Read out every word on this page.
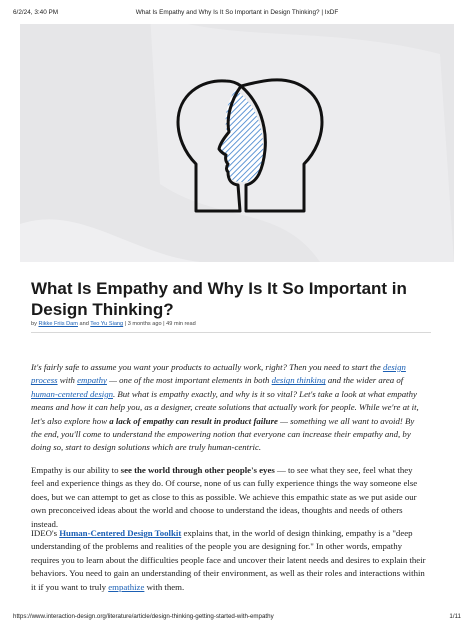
6/2/24, 3:40 PM	What Is Empathy and Why Is It So Important in Design Thinking? | IxDF
What Is Empathy and Why Is It So Important in Design Thinking?
by Rikke Friis Dam and Teo Yu Siang | 3 months ago | 49 min read

It's fairly safe to assume you want your products to actually work, right? Then you need to start the design process with empathy — one of the most important elements in both design thinking and the wider area of human-centered design. But what is empathy exactly, and why is it so vital? Let's take a look at what empathy means and how it can help you, as a designer, create solutions that actually work for people. While we're at it, let's also explore how a lack of empathy can result in product failure — something we all want to avoid! By the end, you'll come to understand the empowering notion that everyone can increase their empathy and, by doing so, start to design solutions which are truly human-centric.

Empathy is our ability to see the world through other people's eyes — to see what they see, feel what they feel and experience things as they do. Of course, none of us can fully experience things the way someone else does, but we can attempt to get as close to this as possible. We achieve this empathic state as we put aside our own preconceived ideas about the world and choose to understand the ideas, thoughts and needs of others instead.

IDEO's Human-Centered Design Toolkit explains that, in the world of design thinking, empathy is a "deep understanding of the problems and realities of the people you are designing for." In other words, empathy requires you to learn about the difficulties people face and uncover their latent needs and desires to explain their behaviors. You need to gain an understanding of their environment, as well as their roles and interactions within it if you want to truly empathize with them.

https://www.interaction-design.org/literature/article/design-thinking-getting-started-with-empathy	1/11
